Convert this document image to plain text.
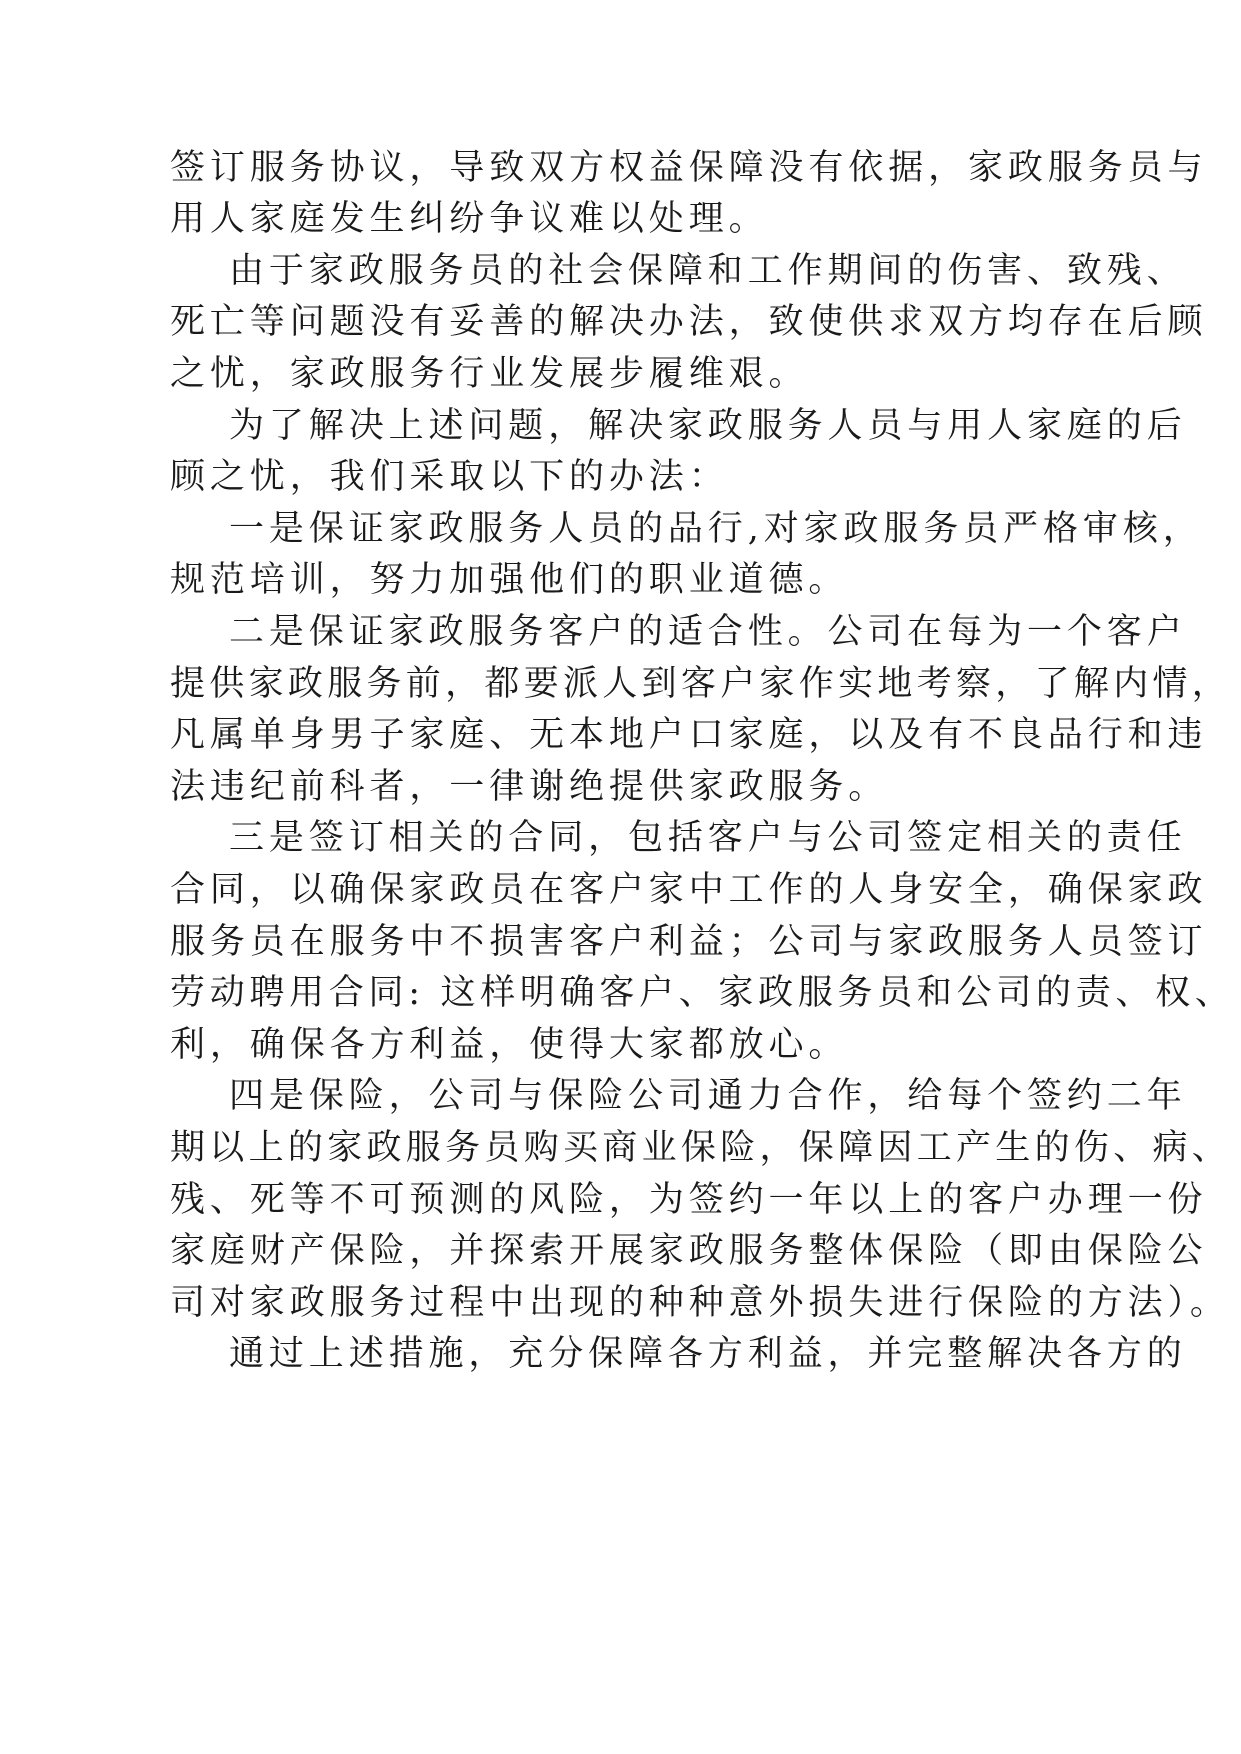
签订服务协议，导致双方权益保障没有依据，家政服务员与
用人家庭发生纠纷争议难以处理。
由于家政服务员的社会保障和工作期间的伤害、致残、
死亡等问题没有妥善的解决办法，致使供求双方均存在后顾
之忧，家政服务行业发展步履维艰。
为了解决上述问题，解决家政服务人员与用人家庭的后
顾之忧，我们采取以下的办法：
一是保证家政服务人员的品行,对家政服务员严格审核，
规范培训，努力加强他们的职业道德。
二是保证家政服务客户的适合性。公司在每为一个客户
提供家政服务前，都要派人到客户家作实地考察，了解内情，
凡属单身男子家庭、无本地户口家庭，以及有不良品行和违
法违纪前科者，一律谢绝提供家政服务。
三是签订相关的合同，包括客户与公司签定相关的责任
合同，以确保家政员在客户家中工作的人身安全，确保家政
服务员在服务中不损害客户利益；公司与家政服务人员签订
劳动聘用合同: 这样明确客户、家政服务员和公司的责、权、
利，确保各方利益，使得大家都放心。
四是保险，公司与保险公司通力合作，给每个签约二年
期以上的家政服务员购买商业保险，保障因工产生的伤、病、
残、死等不可预测的风险，为签约一年以上的客户办理一份
家庭财产保险，并探索开展家政服务整体保险（即由保险公
司对家政服务过程中出现的种种意外损失进行保险的方法）。
通过上述措施，充分保障各方利益，并完整解决各方的
